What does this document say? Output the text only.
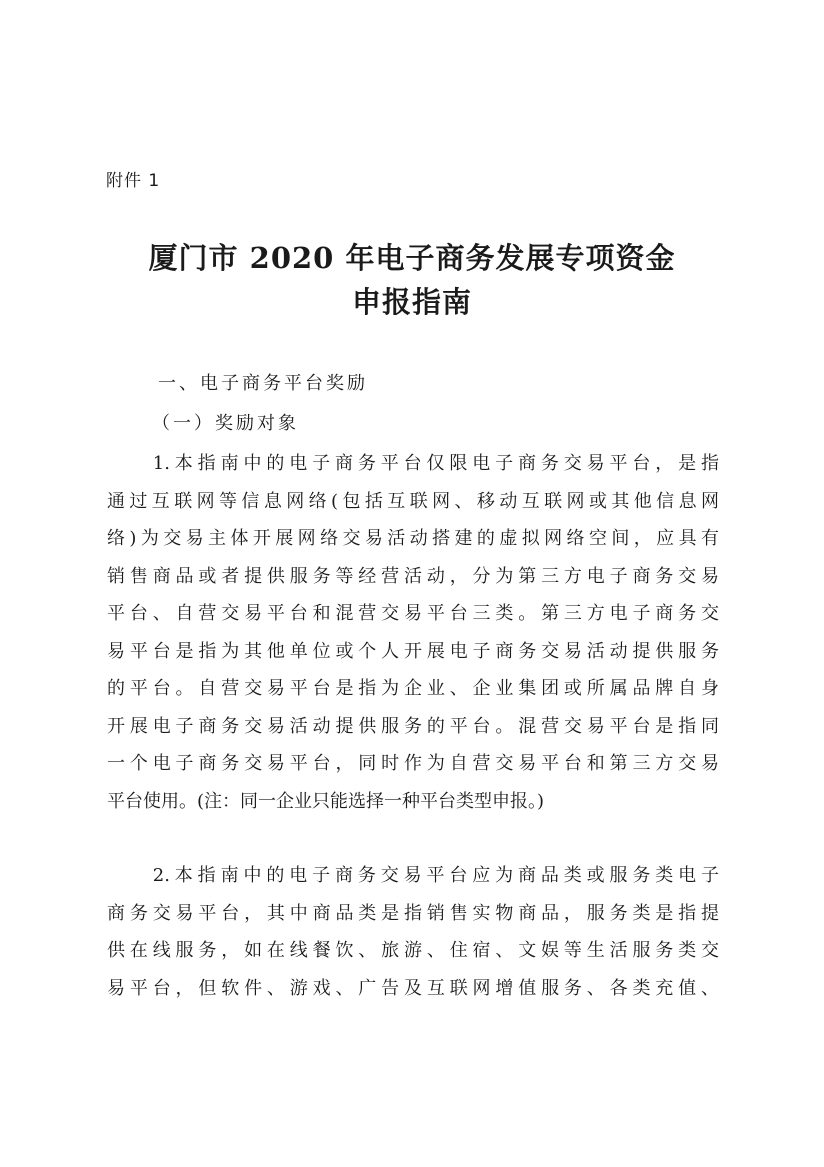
附件 1
厦门市 2020 年电子商务发展专项资金
申报指南
一、电子商务平台奖励
（一）奖励对象
　　1.本指南中的电子商务平台仅限电子商务交易平台，是指
通过互联网等信息网络(包括互联网、移动互联网或其他信息网
络)为交易主体开展网络交易活动搭建的虚拟网络空间，应具有
销售商品或者提供服务等经营活动，分为第三方电子商务交易
平台、自营交易平台和混营交易平台三类。第三方电子商务交
易平台是指为其他单位或个人开展电子商务交易活动提供服务
的平台。自营交易平台是指为企业、企业集团或所属品牌自身
开展电子商务交易活动提供服务的平台。混营交易平台是指同
一个电子商务交易平台，同时作为自营交易平台和第三方交易
平台使用。(注：同一企业只能选择一种平台类型申报。)
　　2.本指南中的电子商务交易平台应为商品类或服务类电子
商务交易平台，其中商品类是指销售实物商品，服务类是指提
供在线服务，如在线餐饮、旅游、住宿、文娱等生活服务类交
易平台，但软件、游戏、广告及互联网增值服务、各类充值、
